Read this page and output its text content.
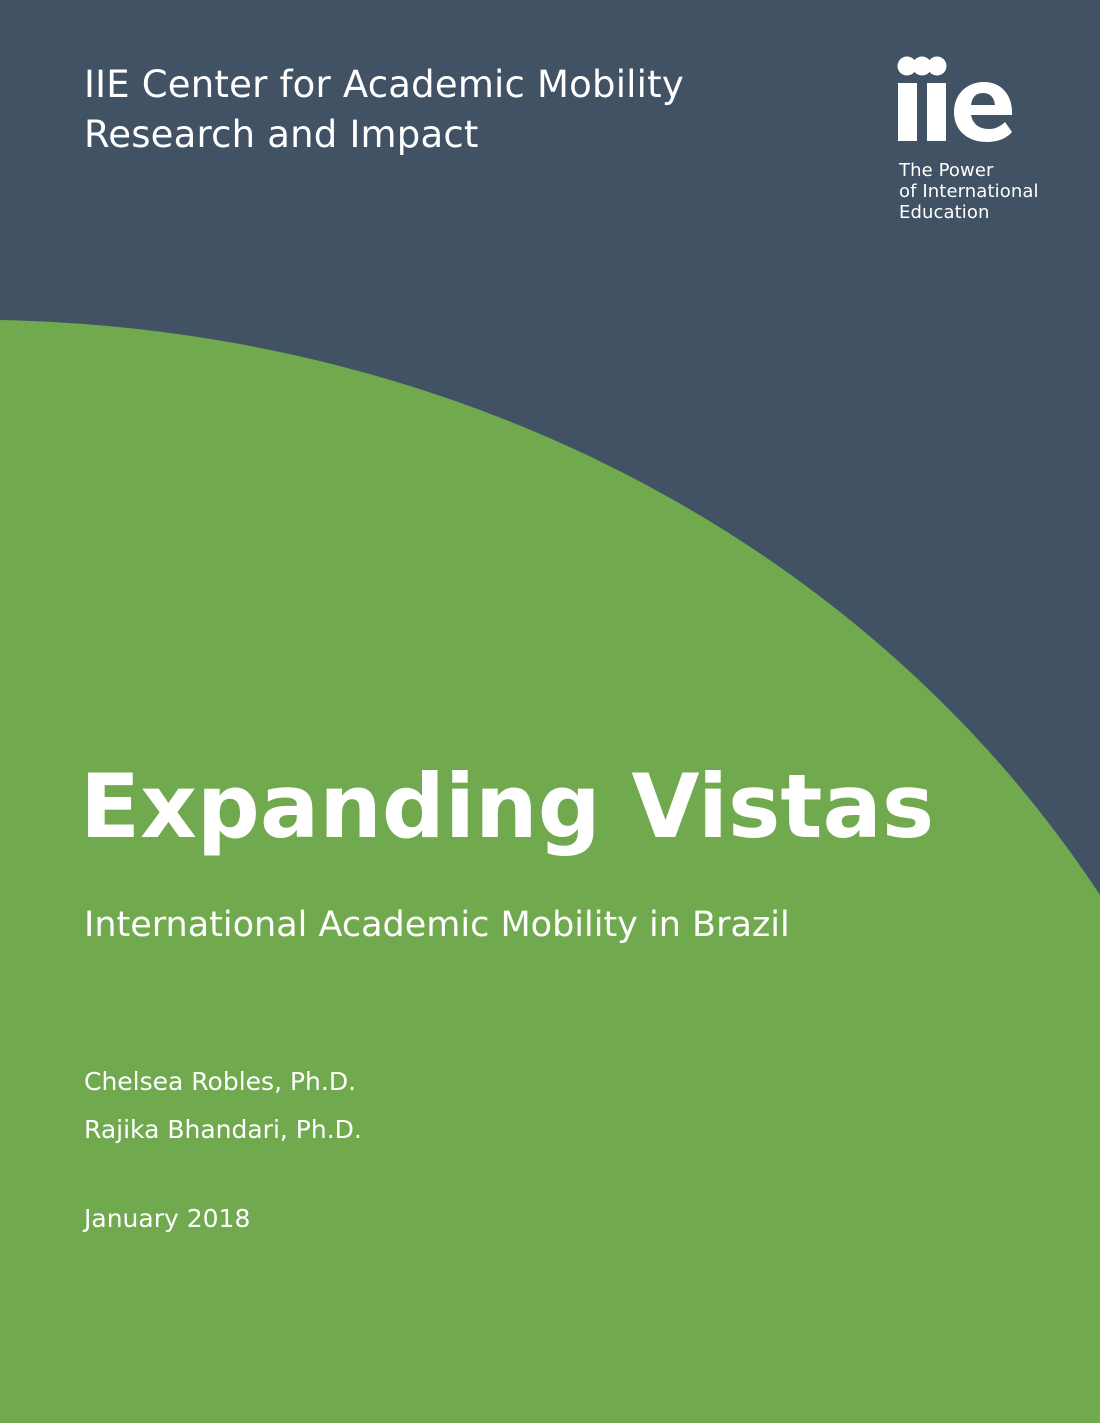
IIE Center for Academic Mobility
Research and Impact
The Power
of International
Education
Expanding Vistas

International Academic Mobility in Brazil

Chelsea Robles, Ph.D.

Rajika Bhandari, Ph.D.

January 2018
